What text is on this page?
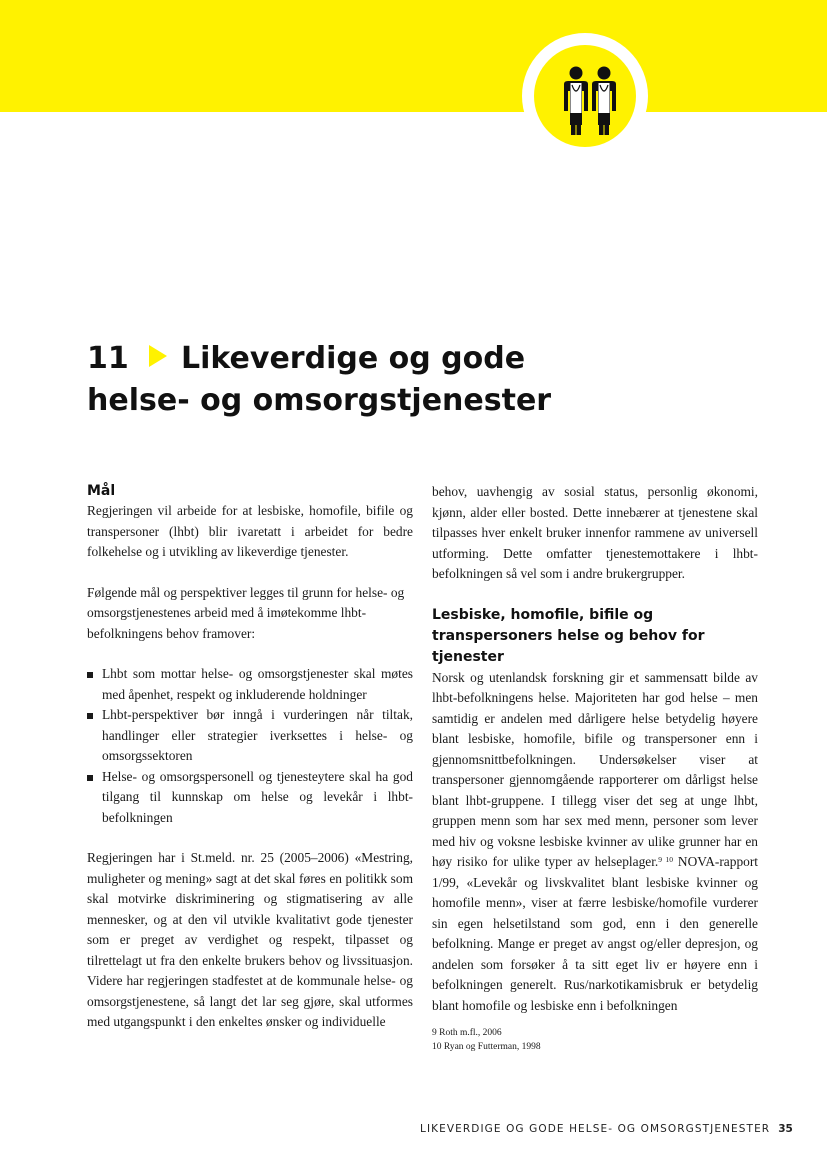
11 Likeverdige og gode
helse- og omsorgstjenester
Mål

Regjeringen vil arbeide for at lesbiske, homofile, bifile og transpersoner (lhbt) blir ivaretatt i arbeidet for bedre folkehelse og i utvikling av likeverdige tjenester.

Følgende mål og perspektiver legges til grunn for helse- og omsorgstjenestenes arbeid med å imøtekomme lhbt-befolkningens behov framover:

Lhbt som mottar helse- og omsorgstjenester skal møtes med åpenhet, respekt og inkluderende holdninger
Lhbt-perspektiver bør inngå i vurderingen når tiltak, handlinger eller strategier iverksettes i helse- og omsorgssektoren
Helse- og omsorgspersonell og tjenesteytere skal ha god tilgang til kunnskap om helse og levekår i lhbt-befolkningen

Regjeringen har i St.meld. nr. 25 (2005–2006) «Mestring, muligheter og mening» sagt at det skal føres en politikk som skal motvirke diskriminering og stigmatisering av alle mennesker, og at den vil utvikle kvalitativt gode tjenester som er preget av verdighet og respekt, tilpasset og tilrettelagt ut fra den enkelte brukers behov og livssituasjon. Videre har regjeringen stadfestet at de kommunale helse- og omsorgstjenestene, så langt det lar seg gjøre, skal utformes med utgangspunkt i den enkeltes ønsker og individuelle

behov, uavhengig av sosial status, personlig økonomi, kjønn, alder eller bosted. Dette innebærer at tjenestene skal tilpasses hver enkelt bruker innenfor rammene av universell utforming. Dette omfatter tjenestemottakere i lhbt-befolkningen så vel som i andre brukergrupper.

Lesbiske, homofile, bifile og transpersoners helse og behov for tjenester

Norsk og utenlandsk forskning gir et sammensatt bilde av lhbt-befolkningens helse. Majoriteten har god helse – men samtidig er andelen med dårligere helse betydelig høyere blant lesbiske, homofile, bifile og transpersoner enn i gjennomsnittbefolkningen. Undersøkelser viser at transpersoner gjennomgående rapporterer om dårligst helse blant lhbt-gruppene. I tillegg viser det seg at unge lhbt, gruppen menn som har sex med menn, personer som lever med hiv og voksne lesbiske kvinner av ulike grunner har en høy risiko for ulike typer av helseplager.$^{9 10}$ NOVA-rapport 1/99, «Levekår og livskvalitet blant lesbiske kvinner og homofile menn», viser at færre lesbiske/homofile vurderer sin egen helsetilstand som god, enn i den generelle befolkning. Mange er preget av angst og/eller depresjon, og andelen som forsøker å ta sitt eget liv er høyere enn i befolkningen generelt. Rus/narkotikamisbruk er betydelig blant homofile og lesbiske enn i befolkningen

9 Roth m.fl., 2006

10 Ryan og Futterman, 1998

LIKEVERDIGE OG GODE HELSE- OG OMSORGSTJENESTER 35
